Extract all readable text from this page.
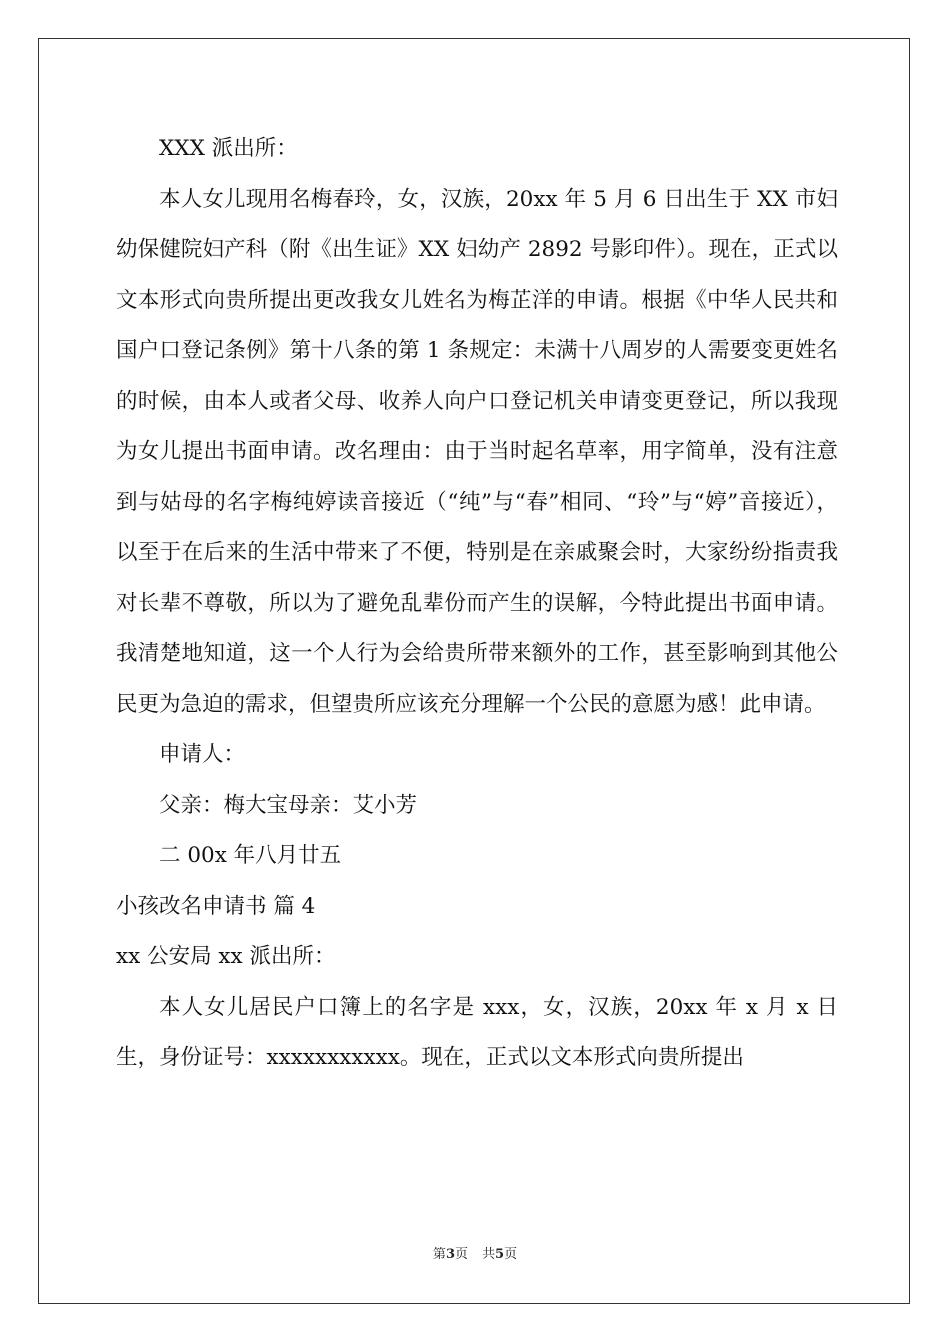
XXX 派出所：

本人女儿现用名梅春玲，女，汉族，20xx 年 5 月 6 日出生于 XX 市妇幼保健院妇产科（附《出生证》XX 妇幼产 2892 号影印件）。现在，正式以文本形式向贵所提出更改我女儿姓名为梅芷洋的申请。根据《中华人民共和国户口登记条例》第十八条的第 1 条规定：未满十八周岁的人需要变更姓名的时候，由本人或者父母、收养人向户口登记机关申请变更登记，所以我现为女儿提出书面申请。改名理由：由于当时起名草率，用字简单，没有注意到与姑母的名字梅纯婷读音接近（“纯”与“春”相同、“玲”与“婷”音接近），以至于在后来的生活中带来了不便，特别是在亲戚聚会时，大家纷纷指责我对长辈不尊敬，所以为了避免乱辈份而产生的误解，今特此提出书面申请。我清楚地知道，这一个人行为会给贵所带来额外的工作，甚至影响到其他公民更为急迫的需求，但望贵所应该充分理解一个公民的意愿为感！此申请。

申请人：

父亲：梅大宝母亲：艾小芳

二 00x 年八月廿五

小孩改名申请书 篇 4

xx 公安局 xx 派出所：

本人女儿居民户口簿上的名字是 xxx，女，汉族，20xx 年 x 月 x 日生，身份证号：xxxxxxxxxxx。现在，正式以文本形式向贵所提出

第3页 共5页
